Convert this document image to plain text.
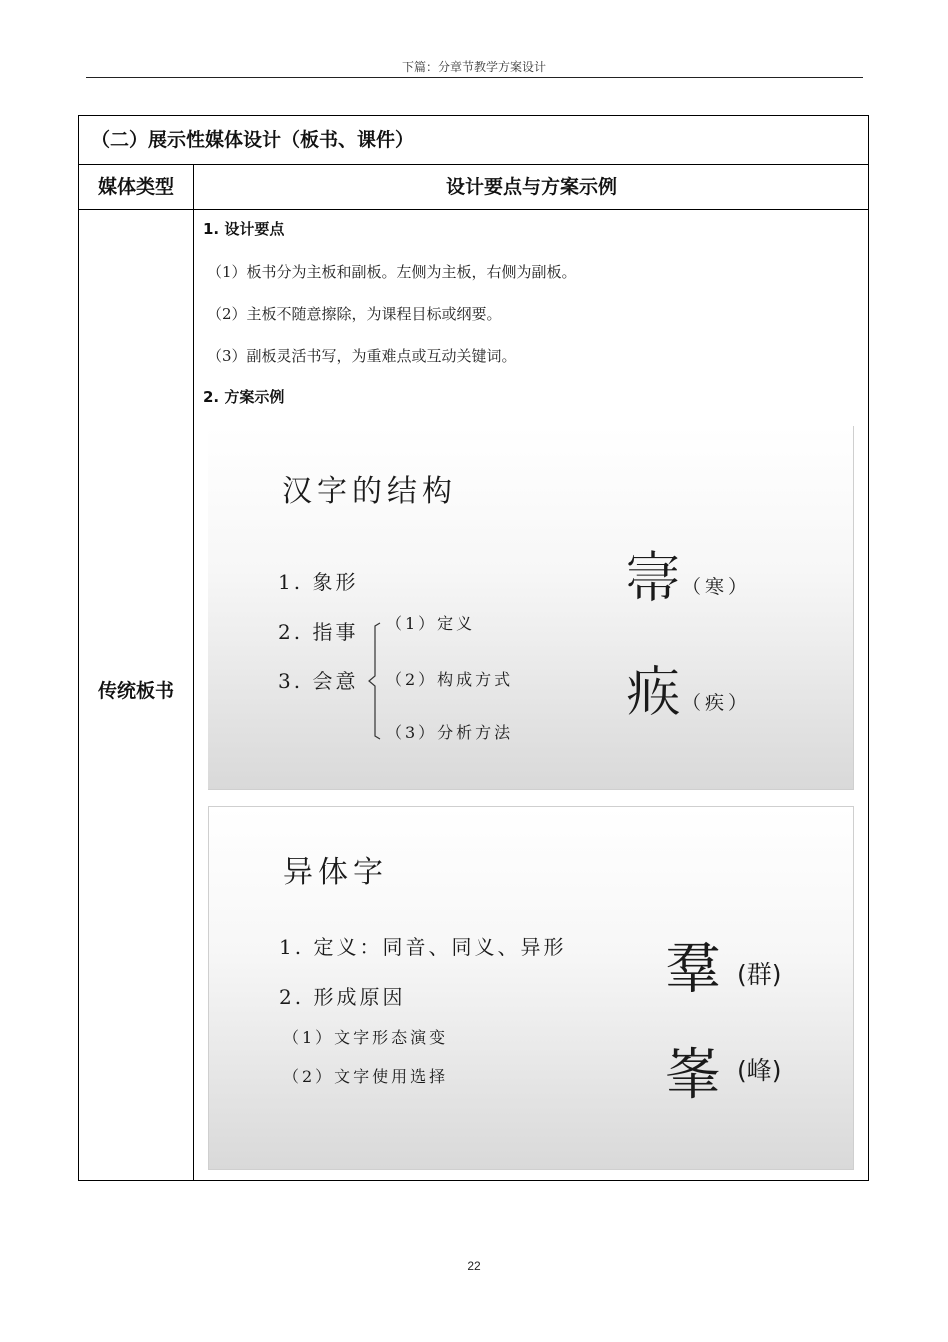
下篇：分章节教学方案设计
（二）展示性媒体设计（板书、课件）
媒体类型	设计要点与方案示例
传统板书
1. 设计要点
（1）板书分为主板和副板。左侧为主板，右侧为副板。
（2）主板不随意擦除，为课程目标或纲要。
（3）副板灵活书写，为重难点或互动关键词。
2. 方案示例
汉字的结构
1. 象形
2. 指事
3. 会意
（1）定义
（2）构成方式
（3）分析方法
𡨦 （寒）
𤶅 （疾）
异体字
1. 定义：同音、同义、异形
2. 形成原因
（1）文字形态演变
（2）文字使用选择
羣 (群)
峯 (峰)
22
